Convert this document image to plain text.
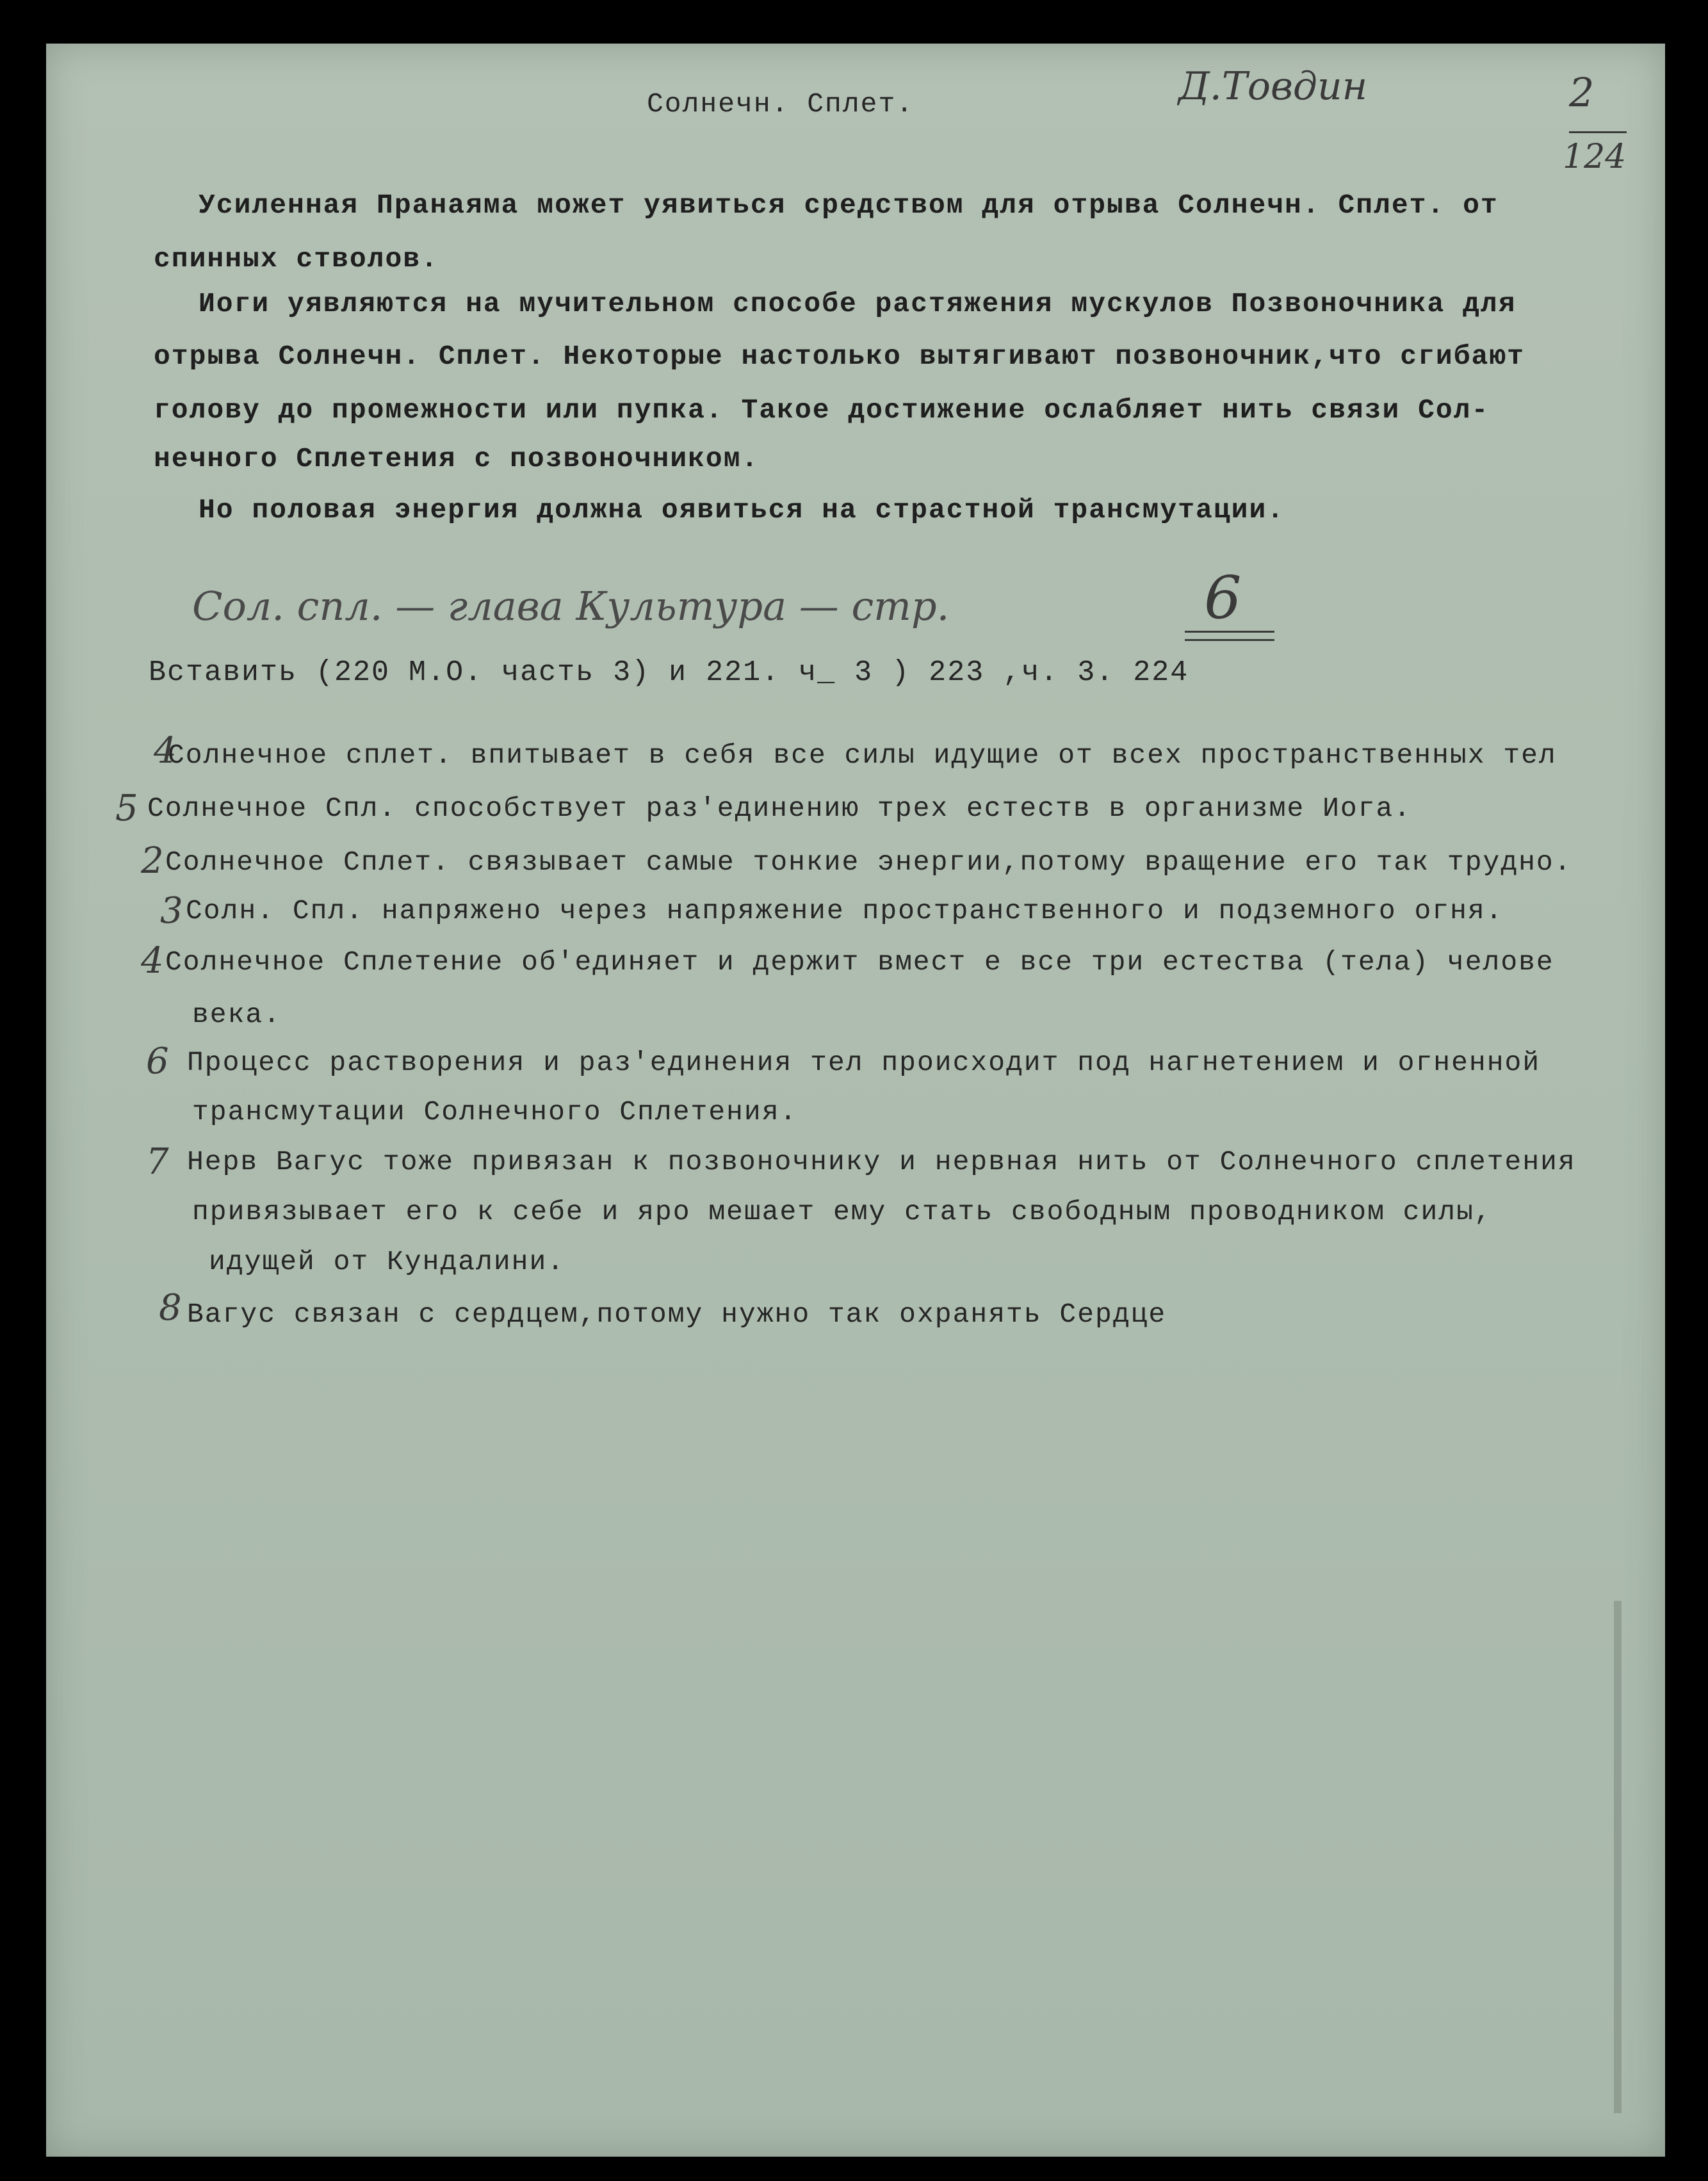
Солнечн. Сплет.	Д.Товдин	2

124

Усиленная Пранаяма может уявиться средством для отрыва Солнечн. Сплет. от

спинных стволов.

Иоги уявляются на мучительном способе растяжения мускулов Позвоночника для

отрыва Солнечн. Сплет. Некоторые настолько вытягивают позвоночник,что сгибают

голову до промежности или пупка. Такое достижение ослабляет нить связи Сол-

нечного Сплетения с позвоночником.

Но половая энергия должна оявиться на страстной трансмутации.

Сол. спл. — глава Культура — стр.	6

Вставить (220 М.О. часть 3) и 221. ч_ 3 ) 223 ,ч. 3. 224

4

Солнечное сплет. впитывает в себя все силы идущие от всех пространственных тел

5 Солнечное Спл. способствует раз'единению трех естеств в организме Иога.

2 Солнечное Сплет. связывает самые тонкие энергии,потому вращение его так трудно.

3 Солн. Спл. напряжено через напряжение пространственного и подземного огня.

4 Солнечное Сплетение об'единяет и держит вмест е все три естества (тела) челове

века.

6 Процесс растворения и раз'единения тел происходит под нагнетением и огненной

трансмутации Солнечного Сплетения.

7 Нерв Вагус тоже привязан к позвоночнику и нервная нить от Солнечного сплетения

привязывает его к себе и яро мешает ему стать свободным проводником силы,

идущей от Кундалини.

8 Вагус связан с сердцем,потому нужно так охранять Сердце
